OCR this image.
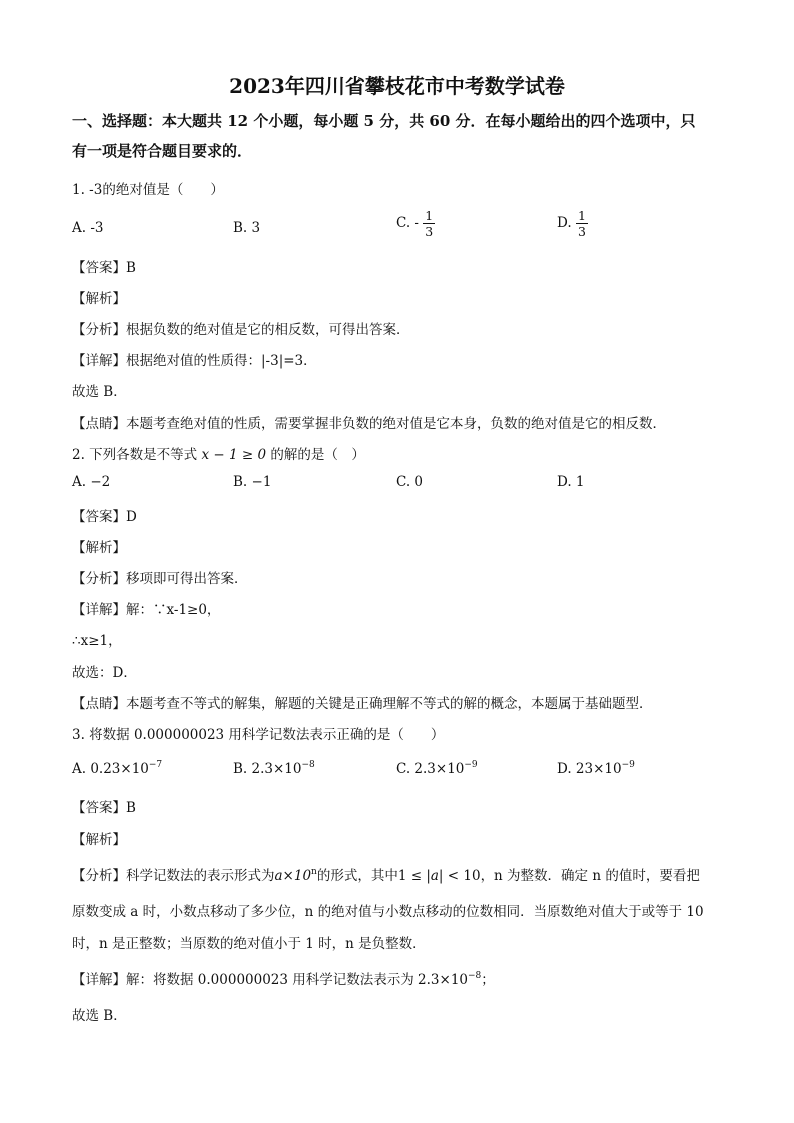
2023年四川省攀枝花市中考数学试卷
一、选择题：本大题共 12 个小题，每小题 5 分，共 60 分．在每小题给出的四个选项中，只
有一项是符合题目要求的．
1. -3的绝对值是（　　）
A. -3	B. 3	C. - $\frac{1}{3}$	D. $\frac{1}{3}$
【答案】B
【解析】
【分析】根据负数的绝对值是它的相反数，可得出答案．
【详解】根据绝对值的性质得：|-3|=3．
故选 B．
【点睛】本题考查绝对值的性质，需要掌握非负数的绝对值是它本身，负数的绝对值是它的相反数．
2. 下列各数是不等式 x − 1 ≥ 0 的解的是（　）
A. −2	B. −1	C. 0	D. 1
【答案】D
【解析】
【分析】移项即可得出答案．
【详解】解：∵x-1≥0，
∴x≥1，
故选：D．
【点睛】本题考查不等式的解集，解题的关键是正确理解不等式的解的概念，本题属于基础题型．
3. 将数据 0.000000023 用科学记数法表示正确的是（　　）
A. $0.23\times 10^{-7}$	B. $2.3\times 10^{-8}$	C. $2.3\times 10^{-9}$	D. $23\times 10^{-9}$
【答案】B
【解析】
【分析】科学记数法的表示形式为$a\times 10^n$的形式，其中1 ≤ |a| < 10，n 为整数．确定 n 的值时，要看把
原数变成 a 时，小数点移动了多少位，n 的绝对值与小数点移动的位数相同．当原数绝对值大于或等于 10
时，n 是正整数；当原数的绝对值小于 1 时，n 是负整数．
【详解】解：将数据 0.000000023 用科学记数法表示为 $2.3\times 10^{-8}$；
故选 B．
